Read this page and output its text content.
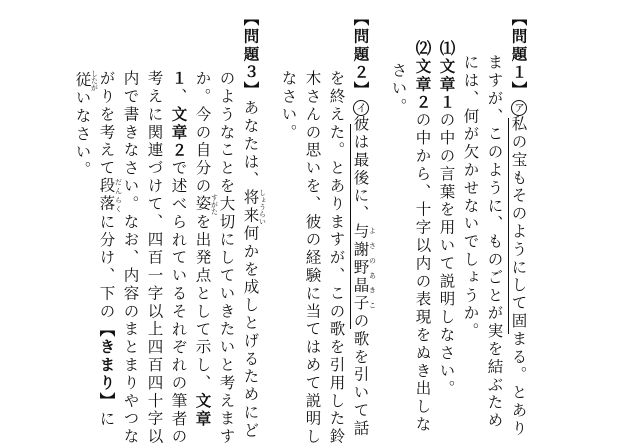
【問題１】ア私の宝もそのようにして固まる。とあり
ますが、このように、ものごとが実を結ぶため
には、何が欠かせないでしょうか。
⑴文章１の中の言葉を用いて説明しなさい。
⑵文章２の中から、十字以内の表現をぬき出しな
さい。
【問題２】イ彼は最後に、与謝野晶子 よさのあきこの歌を引いて話
を終えた。とありますが、この歌を引用した鈴
木さんの思いを、彼の経験に当てはめて説明し
なさい。
【問題３】あなたは、将来 しょうらい何かを成しとげるためにど
のようなことを大切にしていきたいと考えます
か。今の自分の姿 すがたを出発点として示し、文章
１、文章２で述べられているそれぞれの筆者の
考えに関連づけて、四百一字以上四百四十字以
内で書きなさい。なお、内容のまとまりやつな
がりを考えて段落 だんらくに分け、下の【きまり】に
従 したがいなさい。
